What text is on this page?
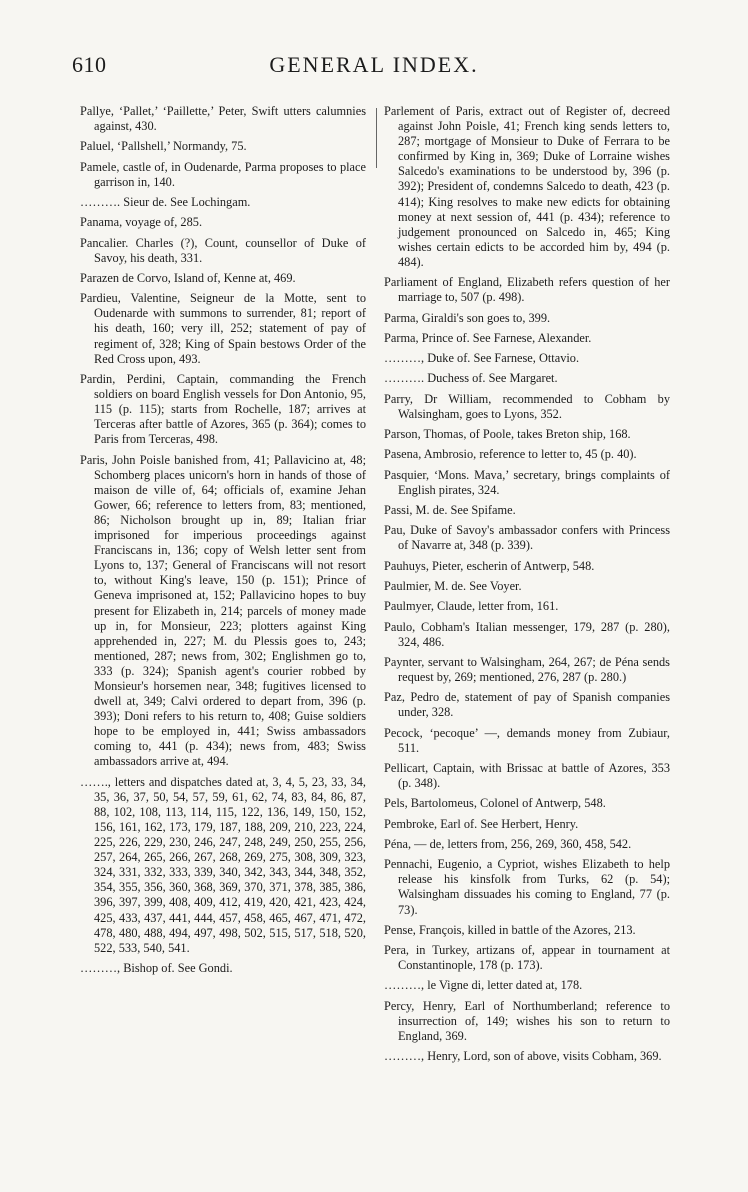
610	GENERAL INDEX.

Pallye, ‘Pallet,’ ‘Paillette,’ Peter, Swift utters calumnies against, 430.

Paluel, ‘Pallshell,’ Normandy, 75.

Pamele, castle of, in Oudenarde, Parma proposes to place garrison in, 140.

………. Sieur de. See Lochingam.

Panama, voyage of, 285.

Pancalier. Charles (?), Count, counsellor of Duke of Savoy, his death, 331.

Parazen de Corvo, Island of, Kenne at, 469.

Pardieu, Valentine, Seigneur de la Motte, sent to Oudenarde with summons to surrender, 81; report of his death, 160; very ill, 252; statement of pay of regiment of, 328; King of Spain bestows Order of the Red Cross upon, 493.

Pardin, Perdini, Captain, commanding the French soldiers on board English vessels for Don Antonio, 95, 115 (p. 115); starts from Rochelle, 187; arrives at Terceras after battle of Azores, 365 (p. 364); comes to Paris from Terceras, 498.

Paris, John Poisle banished from, 41; Pallavicino at, 48; Schomberg places unicorn's horn in hands of those of maison de ville of, 64; officials of, examine Jehan Gower, 66; reference to letters from, 83; mentioned, 86; Nicholson brought up in, 89; Italian friar imprisoned for imperious proceedings against Franciscans in, 136; copy of Welsh letter sent from Lyons to, 137; General of Franciscans will not resort to, without King's leave, 150 (p. 151); Prince of Geneva imprisoned at, 152; Pallavicino hopes to buy present for Elizabeth in, 214; parcels of money made up in, for Monsieur, 223; plotters against King apprehended in, 227; M. du Plessis goes to, 243; mentioned, 287; news from, 302; Englishmen go to, 333 (p. 324); Spanish agent's courier robbed by Monsieur's horsemen near, 348; fugitives licensed to dwell at, 349; Calvi ordered to depart from, 396 (p. 393); Doni refers to his return to, 408; Guise soldiers hope to be employed in, 441; Swiss ambassadors coming to, 441 (p. 434); news from, 483; Swiss ambassadors arrive at, 494.

……., letters and dispatches dated at, 3, 4, 5, 23, 33, 34, 35, 36, 37, 50, 54, 57, 59, 61, 62, 74, 83, 84, 86, 87, 88, 102, 108, 113, 114, 115, 122, 136, 149, 150, 152, 156, 161, 162, 173, 179, 187, 188, 209, 210, 223, 224, 225, 226, 229, 230, 246, 247, 248, 249, 250, 255, 256, 257, 264, 265, 266, 267, 268, 269, 275, 308, 309, 323, 324, 331, 332, 333, 339, 340, 342, 343, 344, 348, 352, 354, 355, 356, 360, 368, 369, 370, 371, 378, 385, 386, 396, 397, 399, 408, 409, 412, 419, 420, 421, 423, 424, 425, 433, 437, 441, 444, 457, 458, 465, 467, 471, 472, 478, 480, 488, 494, 497, 498, 502, 515, 517, 518, 520, 522, 533, 540, 541.

………, Bishop of. See Gondi.

Parlement of Paris, extract out of Register of, decreed against John Poisle, 41; French king sends letters to, 287; mortgage of Monsieur to Duke of Ferrara to be confirmed by King in, 369; Duke of Lorraine wishes Salcedo's examinations to be understood by, 396 (p. 392); President of, condemns Salcedo to death, 423 (p. 414); King resolves to make new edicts for obtaining money at next session of, 441 (p. 434); reference to judgement pronounced on Salcedo in, 465; King wishes certain edicts to be accorded him by, 494 (p. 484).

Parliament of England, Elizabeth refers question of her marriage to, 507 (p. 498).

Parma, Giraldi's son goes to, 399.

Parma, Prince of. See Farnese, Alexander.

………, Duke of. See Farnese, Ottavio.

………. Duchess of. See Margaret.

Parry, Dr William, recommended to Cobham by Walsingham, goes to Lyons, 352.

Parson, Thomas, of Poole, takes Breton ship, 168.

Pasena, Ambrosio, reference to letter to, 45 (p. 40).

Pasquier, ‘Mons. Mava,’ secretary, brings complaints of English pirates, 324.

Passi, M. de. See Spifame.

Pau, Duke of Savoy's ambassador confers with Princess of Navarre at, 348 (p. 339).

Pauhuys, Pieter, escherin of Antwerp, 548.

Paulmier, M. de. See Voyer.

Paulmyer, Claude, letter from, 161.

Paulo, Cobham's Italian messenger, 179, 287 (p. 280), 324, 486.

Paynter, servant to Walsingham, 264, 267; de Péna sends request by, 269; mentioned, 276, 287 (p. 280.)

Paz, Pedro de, statement of pay of Spanish companies under, 328.

Pecock, ‘pecoque’ —, demands money from Zubiaur, 511.

Pellicart, Captain, with Brissac at battle of Azores, 353 (p. 348).

Pels, Bartolomeus, Colonel of Antwerp, 548.

Pembroke, Earl of. See Herbert, Henry.

Péna, — de, letters from, 256, 269, 360, 458, 542.

Pennachi, Eugenio, a Cypriot, wishes Elizabeth to help release his kinsfolk from Turks, 62 (p. 54); Walsingham dissuades his coming to England, 77 (p. 73).

Pense, François, killed in battle of the Azores, 213.

Pera, in Turkey, artizans of, appear in tournament at Constantinople, 178 (p. 173).

………, le Vigne di, letter dated at, 178.

Percy, Henry, Earl of Northumberland; reference to insurrection of, 149; wishes his son to return to England, 369.

………, Henry, Lord, son of above, visits Cobham, 369.
